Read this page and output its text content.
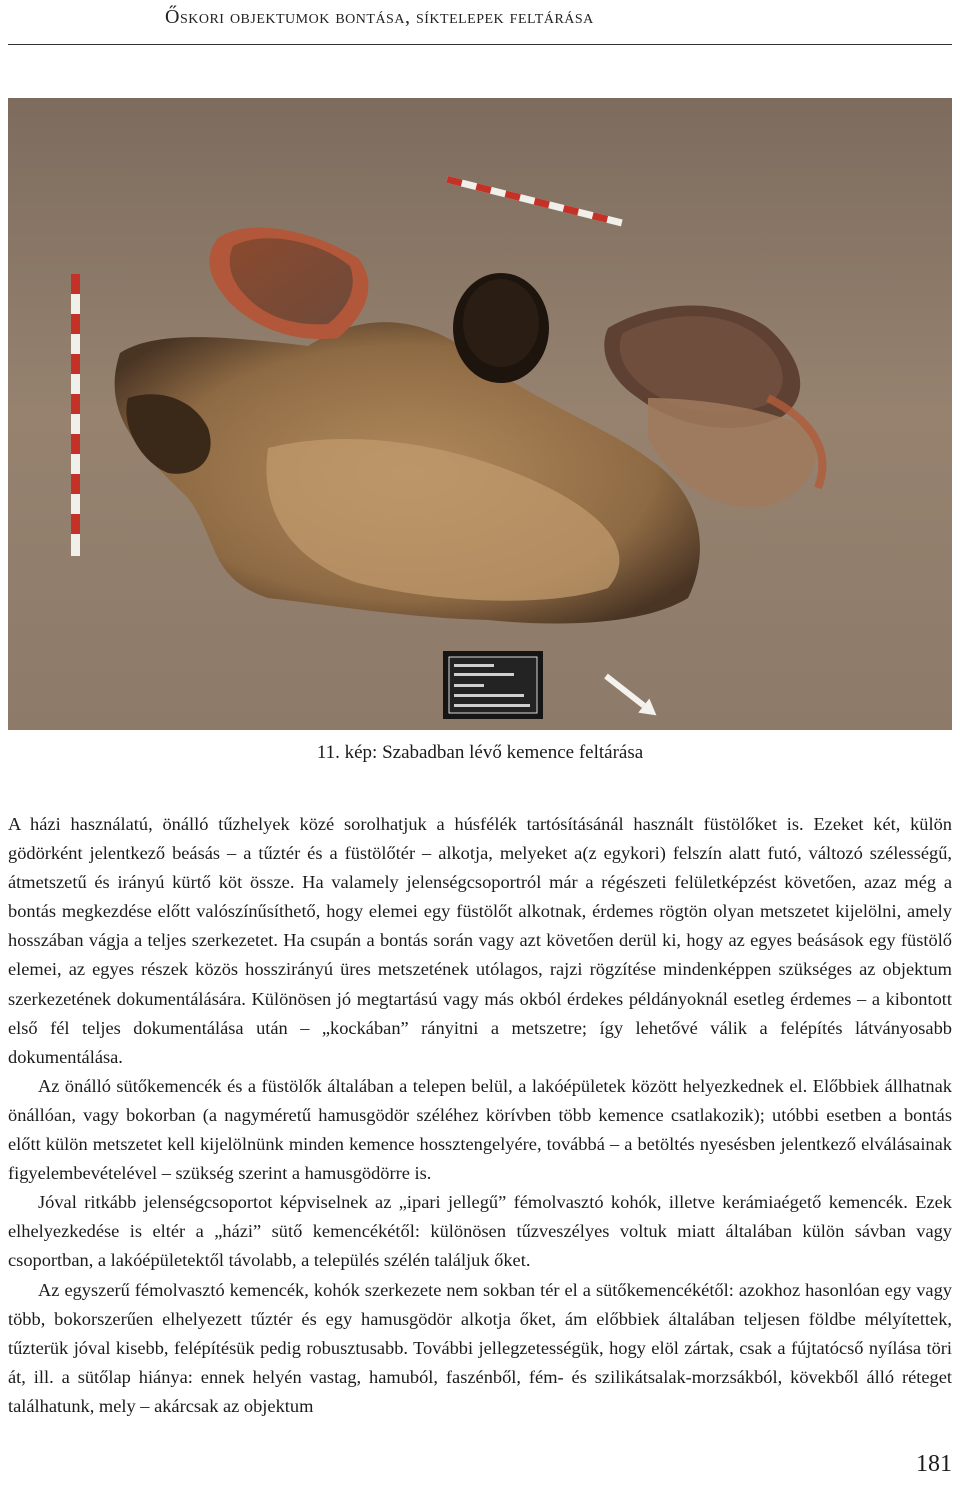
Őskori objektumok bontása, síktelepek feltárása
11. kép: Szabadban lévő kemence feltárása

A házi használatú, önálló tűzhelyek közé sorolhatjuk a húsfélék tartósításánál használt füstölőket is. Ezeket két, külön gödörként jelentkező beásás – a tűztér és a füstölőtér – alkotja, melyeket a(z egykori) felszín alatt futó, változó szélességű, átmetszetű és irányú kürtő köt össze. Ha valamely jelenségcsoportról már a régészeti felületképzést követően, azaz még a bontás megkezdése előtt valószínűsíthető, hogy elemei egy füstölőt alkotnak, érdemes rögtön olyan metszetet kijelölni, amely hosszában vágja a teljes szerkezetet. Ha csupán a bontás során vagy azt követően derül ki, hogy az egyes beásások egy füstölő elemei, az egyes részek közös hosszirányú üres metszetének utólagos, rajzi rögzítése mindenképpen szükséges az objektum szerkezetének dokumentálására. Különösen jó megtartású vagy más okból érdekes példányoknál esetleg érdemes – a kibontott első fél teljes dokumentálása után – „kockában” rányitni a metszetre; így lehetővé válik a felépítés látványosabb dokumentálása.

Az önálló sütőkemencék és a füstölők általában a telepen belül, a lakóépületek között helyezkednek el. Előbbiek állhatnak önállóan, vagy bokorban (a nagyméretű hamusgödör széléhez körívben több kemence csatlakozik); utóbbi esetben a bontás előtt külön metszetet kell kijelölnünk minden kemence hossztengelyére, továbbá – a betöltés nyesésben jelentkező elválásainak figyelembevételével – szükség szerint a hamusgödörre is.

Jóval ritkább jelenségcsoportot képviselnek az „ipari jellegű” fémolvasztó kohók, illetve kerámiaégető kemencék. Ezek elhelyezkedése is eltér a „házi” sütő kemencékétől: különösen tűzveszélyes voltuk miatt általában külön sávban vagy csoportban, a lakóépületektől távolabb, a település szélén találjuk őket.

Az egyszerű fémolvasztó kemencék, kohók szerkezete nem sokban tér el a sütőkemencékétől: azokhoz hasonlóan egy vagy több, bokorszerűen elhelyezett tűztér és egy hamusgödör alkotja őket, ám előbbiek általában teljesen földbe mélyítettek, tűzterük jóval kisebb, felépítésük pedig robusztusabb. További jellegzetességük, hogy elöl zártak, csak a fújtatócső nyílása töri át, ill. a sütőlap hiánya: ennek helyén vastag, hamuból, faszénből, fém- és szilikátsalak-morzsákból, kövekből álló réteget találhatunk, mely – akárcsak az objektum

181
